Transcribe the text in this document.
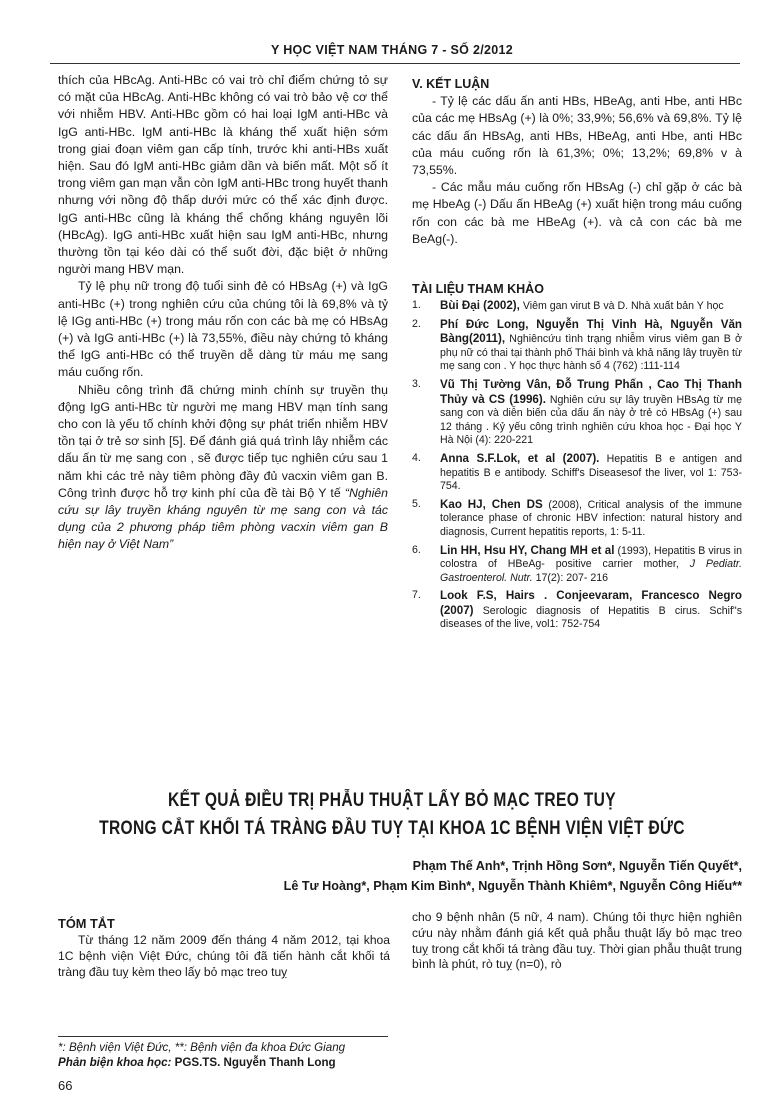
Y HỌC VIỆT NAM THÁNG 7 - SỐ 2/2012

thích của HBcAg. Anti-HBc có vai trò chỉ điểm chứng tỏ sự có mặt của HBcAg. Anti-HBc không có vai trò bảo vệ cơ thể với nhiễm HBV. Anti-HBc gồm có hai loại IgM anti-HBc và IgG anti-HBc. IgM anti-HBc là kháng thể xuất hiện sớm trong giai đoạn viêm gan cấp tính, trước khi anti-HBs xuất hiện. Sau đó IgM anti-HBc giảm dần và biến mất. Một số ít trong viêm gan mạn vẫn còn IgM anti-HBc trong huyết thanh nhưng với nồng độ thấp dưới mức có thể xác định được. IgG anti-HBc cũng là kháng thể chống kháng nguyên lõi (HBcAg). IgG anti-HBc xuất hiện sau IgM anti-HBc, nhưng thường tồn tại kéo dài có thể suốt đời, đặc biệt ở những người mang HBV mạn.

Tỷ lệ phụ nữ trong độ tuổi sinh đẻ có HBsAg (+) và IgG anti-HBc (+) trong nghiên cứu của chúng tôi là 69,8% và tỷ lệ IGg anti-HBc (+) trong máu rốn con các bà mẹ có HBsAg (+) và IgG anti-HBc (+) là 73,55%, điều này chứng tỏ kháng thể IgG anti-HBc có thể truyền dễ dàng từ máu mẹ sang máu cuống rốn.

Nhiều công trình đã chứng minh chính sự truyền thụ động IgG anti-HBc từ người mẹ mang HBV mạn tính sang cho con là yếu tố chính khởi động sự phát triển nhiễm HBV tồn tại ở trẻ sơ sinh [5]. Để đánh giá quá trình lây nhiễm các dấu ấn từ mẹ sang con , sẽ được tiếp tục nghiên cứu sau 1 năm khi các trẻ này tiêm phòng đầy đủ vacxin viêm gan B. Công trình được hỗ trợ kinh phí của đề tài Bộ Y tế “Nghiên cứu sự lây truyền kháng nguyên từ mẹ sang con và tác dụng của 2 phương pháp tiêm phòng vacxin viêm gan B hiện nay ở Việt Nam”

V. KẾT LUẬN

- Tỷ lệ các dấu ấn anti HBs, HBeAg, anti Hbe, anti HBc của các mẹ HBsAg (+) là 0%; 33,9%; 56,6% và 69,8%. Tỷ lệ các dấu ấn HBsAg, anti HBs, HBeAg, anti Hbe, anti HBc của máu cuống rốn là 61,3%; 0%; 13,2%; 69,8% v à 73,55%.

- Các mẫu máu cuống rốn HBsAg (-) chỉ gặp ở các bà mẹ HbeAg (-) Dấu ấn HBeAg (+) xuất hiện trong máu cuống rốn con các bà me HBeAg (+). và cả con các bà me BeAg(-).

TÀI LIỆU THAM KHẢO
1. Bùi Đại (2002), Viêm gan virut B và D. Nhà xuất bản Y học
2. Phí Đức Long, Nguyễn Thị Vinh Hà, Nguyễn Văn Bàng(2011), Nghiêncứu tình trạng nhiễm virus viêm gan B ở phụ nữ có thai tại thành phố Thái bình và khả năng lây truyền từ mẹ sang con . Y học thực hành số 4 (762) :111-114
3. Vũ Thị Tường Vân, Đỗ Trung Phấn , Cao Thị Thanh Thủy và CS (1996). Nghiên cứu sự lây truyền HBsAg từ mẹ sang con và diễn biến của dấu ấn này ở trẻ có HBsAg (+) sau 12 tháng . Kỷ yếu công trình nghiên cứu khoa học - Đại học Y Hà Nội (4): 220-221
4. Anna S.F.Lok, et al (2007). Hepatitis B e antigen and hepatitis B e antibody. Schiff's Diseasesof the liver, vol 1: 753-754.
5. Kao HJ, Chen DS (2008), Critical analysis of the immune tolerance phase of chronic HBV infection: natural history and diagnosis, Current hepatitis reports, 1: 5-11.
6. Lin HH, Hsu HY, Chang MH et al (1993), Hepatitis B virus in colostra of HBeAg- positive carrier mother, J Pediatr. Gastroenterol. Nutr. 17(2): 207- 216
7. Look F.S, Hairs . Conjeevaram, Francesco Negro (2007) Serologic diagnosis of Hepatitis B cirus. Schif"s diseases of the live, vol1: 752-754
KẾT QUẢ ĐIỀU TRỊ PHẪU THUẬT LẤY BỎ MẠC TREO TUỴ
TRONG CẮT KHỐI TÁ TRÀNG ĐẦU TUỴ TẠI KHOA 1C BỆNH VIỆN VIỆT ĐỨC
Phạm Thế Anh*, Trịnh Hồng Sơn*, Nguyễn Tiến Quyết*,
Lê Tư Hoàng*, Phạm Kim Bình*, Nguyễn Thành Khiêm*, Nguyễn Công Hiếu**
TÓM TẮT
Từ tháng 12 năm 2009 đến tháng 4 năm 2012, tại khoa 1C bệnh viện Việt Đức, chúng tôi đã tiến hành cắt khối tá tràng đầu tuỵ kèm theo lấy bỏ mạc treo tuỵ
cho 9 bệnh nhân (5 nữ, 4 nam). Chúng tôi thực hiện nghiên cứu này nhằm đánh giá kết quả phẫu thuật lấy bỏ mạc treo tuỵ trong cắt khối tá tràng đầu tuỵ. Thời gian phẫu thuật trung bình là phút, rò tuỵ (n=0), rò
*: Bệnh viện Việt Đức, **: Bệnh viện đa khoa Đức Giang
Phản biện khoa học: PGS.TS. Nguyễn Thanh Long
66
